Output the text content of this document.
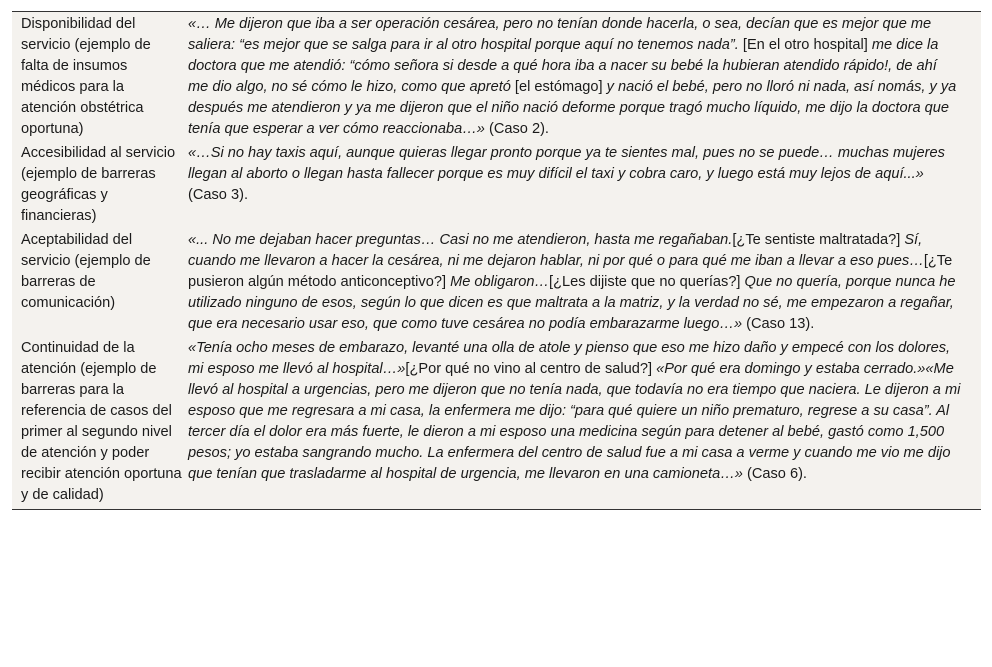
Disponibilidad del servicio (ejemplo de falta de insumos médicos para la atención obstétrica oportuna)	«… Me dijeron que iba a ser operación cesárea, pero no tenían donde hacerla, o sea, decían que es mejor que me saliera: “es mejor que se salga para ir al otro hospital porque aquí no tenemos nada”. [En el otro hospital] me dice la doctora que me atendió: “cómo señora si desde a qué hora iba a nacer su bebé la hubieran atendido rápido!, de ahí me dio algo, no sé cómo le hizo, como que apretó [el estómago] y nació el bebé, pero no lloró ni nada, así nomás, y ya después me atendieron y ya me dijeron que el niño nació deforme porque tragó mucho líquido, me dijo la doctora que tenía que esperar a ver cómo reaccionaba…» (Caso 2).
Accesibilidad al servicio (ejemplo de barreras geográficas y financieras)	«…Si no hay taxis aquí, aunque quieras llegar pronto porque ya te sientes mal, pues no se puede… muchas mujeres llegan al aborto o llegan hasta fallecer porque es muy difícil el taxi y cobra caro, y luego está muy lejos de aquí...» (Caso 3).
Aceptabilidad del servicio (ejemplo de barreras de comunicación)	«... No me dejaban hacer preguntas… Casi no me atendieron, hasta me regañaban.[¿Te sentiste maltratada?] Sí, cuando me llevaron a hacer la cesárea, ni me dejaron hablar, ni por qué o para qué me iban a llevar a eso pues…[¿Te pusieron algún método anticonceptivo?] Me obligaron…[¿Les dijiste que no querías?] Que no quería, porque nunca he utilizado ninguno de esos, según lo que dicen es que maltrata a la matriz, y la verdad no sé, me empezaron a regañar, que era necesario usar eso, que como tuve cesárea no podía embarazarme luego…» (Caso 13).
Continuidad de la atención (ejemplo de barreras para la referencia de casos del primer al segundo nivel de atención y poder recibir atención oportuna y de calidad)	«Tenía ocho meses de embarazo, levanté una olla de atole y pienso que eso me hizo daño y empecé con los dolores, mi esposo me llevó al hospital…»[¿Por qué no vino al centro de salud?] «Por qué era domingo y estaba cerrado.»«Me llevó al hospital a urgencias, pero me dijeron que no tenía nada, que todavía no era tiempo que naciera. Le dijeron a mi esposo que me regresara a mi casa, la enfermera me dijo: “para qué quiere un niño prematuro, regrese a su casa”. Al tercer día el dolor era más fuerte, le dieron a mi esposo una medicina según para detener al bebé, gastó como 1,500 pesos; yo estaba sangrando mucho. La enfermera del centro de salud fue a mi casa a verme y cuando me vio me dijo que tenían que trasladarme al hospital de urgencia, me llevaron en una camioneta…» (Caso 6).
